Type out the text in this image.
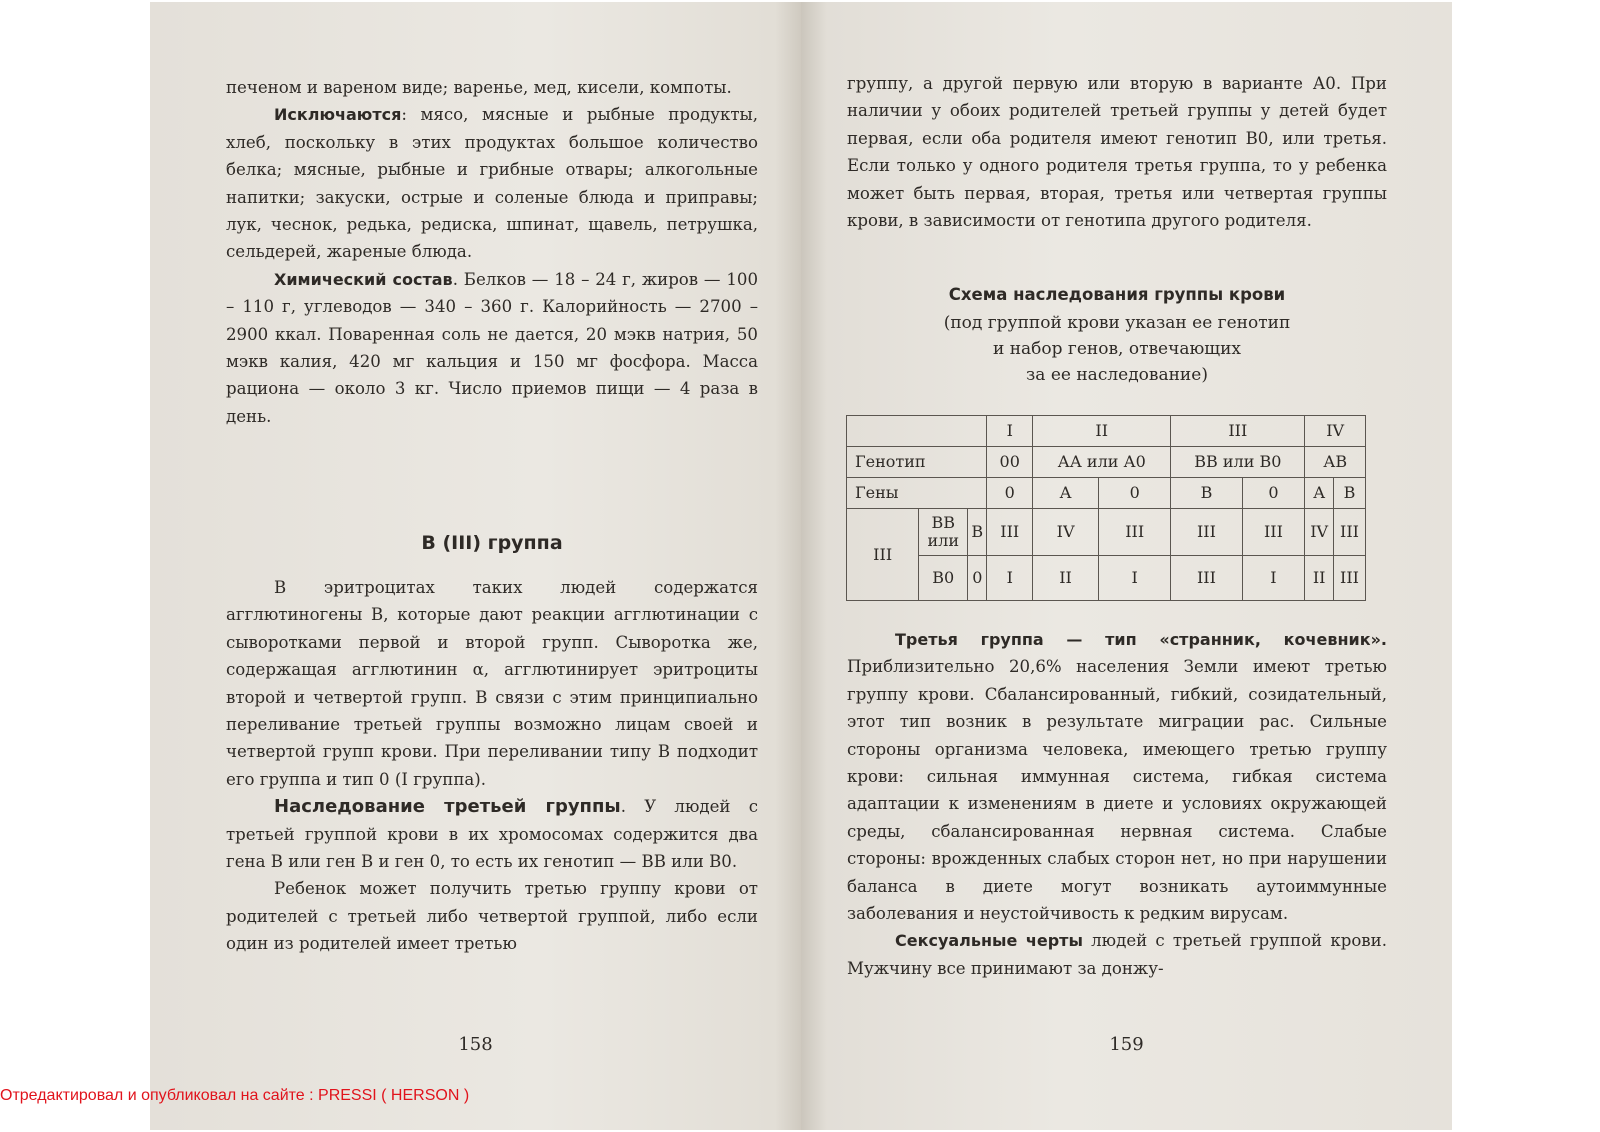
печеном и вареном виде; варенье, мед, кисели, компоты.

Исключаются: мясо, мясные и рыбные продукты, хлеб, поскольку в этих продуктах большое количество белка; мясные, рыбные и грибные отвары; алкогольные напитки; закуски, острые и соленые блюда и приправы; лук, чеснок, редька, редиска, шпинат, щавель, петрушка, сельдерей, жареные блюда.

Химический состав. Белков — 18 – 24 г, жиров — 100 – 110 г, углеводов — 340 – 360 г. Калорийность — 2700 – 2900 ккал. Поваренная соль не дается, 20 мэкв натрия, 50 мэкв калия, 420 мг кальция и 150 мг фосфора. Масса рациона — около 3 кг. Число приемов пищи — 4 раза в день.

В (III) группа

В эритроцитах таких людей содержатся агглютиногены В, которые дают реакции агглютинации с сыворотками первой и второй групп. Сыворотка же, содержащая агглютинин α, агглютинирует эритроциты второй и четвертой групп. В связи с этим принципиально переливание третьей группы возможно лицам своей и четвертой групп крови. При переливании типу В подходит его группа и тип 0 (I группа).

Наследование третьей группы. У людей с третьей группой крови в их хромосомах содержится два гена В или ген В и ген 0, то есть их генотип — ВВ или В0.

Ребенок может получить третью группу крови от родителей с третьей либо четвертой группой, либо если один из родителей имеет третью

158

группу, а другой первую или вторую в варианте А0. При наличии у обоих родителей третьей группы у детей будет первая, если оба родителя имеют генотип В0, или третья. Если только у одного родителя третья группа, то у ребенка может быть первая, вторая, третья или четвертая группы крови, в зависимости от генотипа другого родителя.

Схема наследования группы крови
(под группой крови указан ее генотип
и набор генов, отвечающих
за ее наследование)
			I	II		III		IV	
Генотип			00	АА или А0		ВВ или В0		АВ	
Гены			0	А	0	В	0	А	В
III	ВВ или	В	III	IV	III	III	III	IV	III
	В0	0	I	II	I	III	I	II	III

Третья группа — тип «странник, кочевник». Приблизительно 20,6% населения Земли имеют третью группу крови. Сбалансированный, гибкий, созидательный, этот тип возник в результате миграции рас. Сильные стороны организма человека, имеющего третью группу крови: сильная иммунная система, гибкая система адаптации к изменениям в диете и условиях окружающей среды, сбалансированная нервная система. Слабые стороны: врожденных слабых сторон нет, но при нарушении баланса в диете могут возникать аутоиммунные заболевания и неустойчивость к редким вирусам.

Сексуальные черты людей с третьей группой крови. Мужчину все принимают за донжу-

159
Отредактировал и опубликовал на сайте : PRESSI ( HERSON )
